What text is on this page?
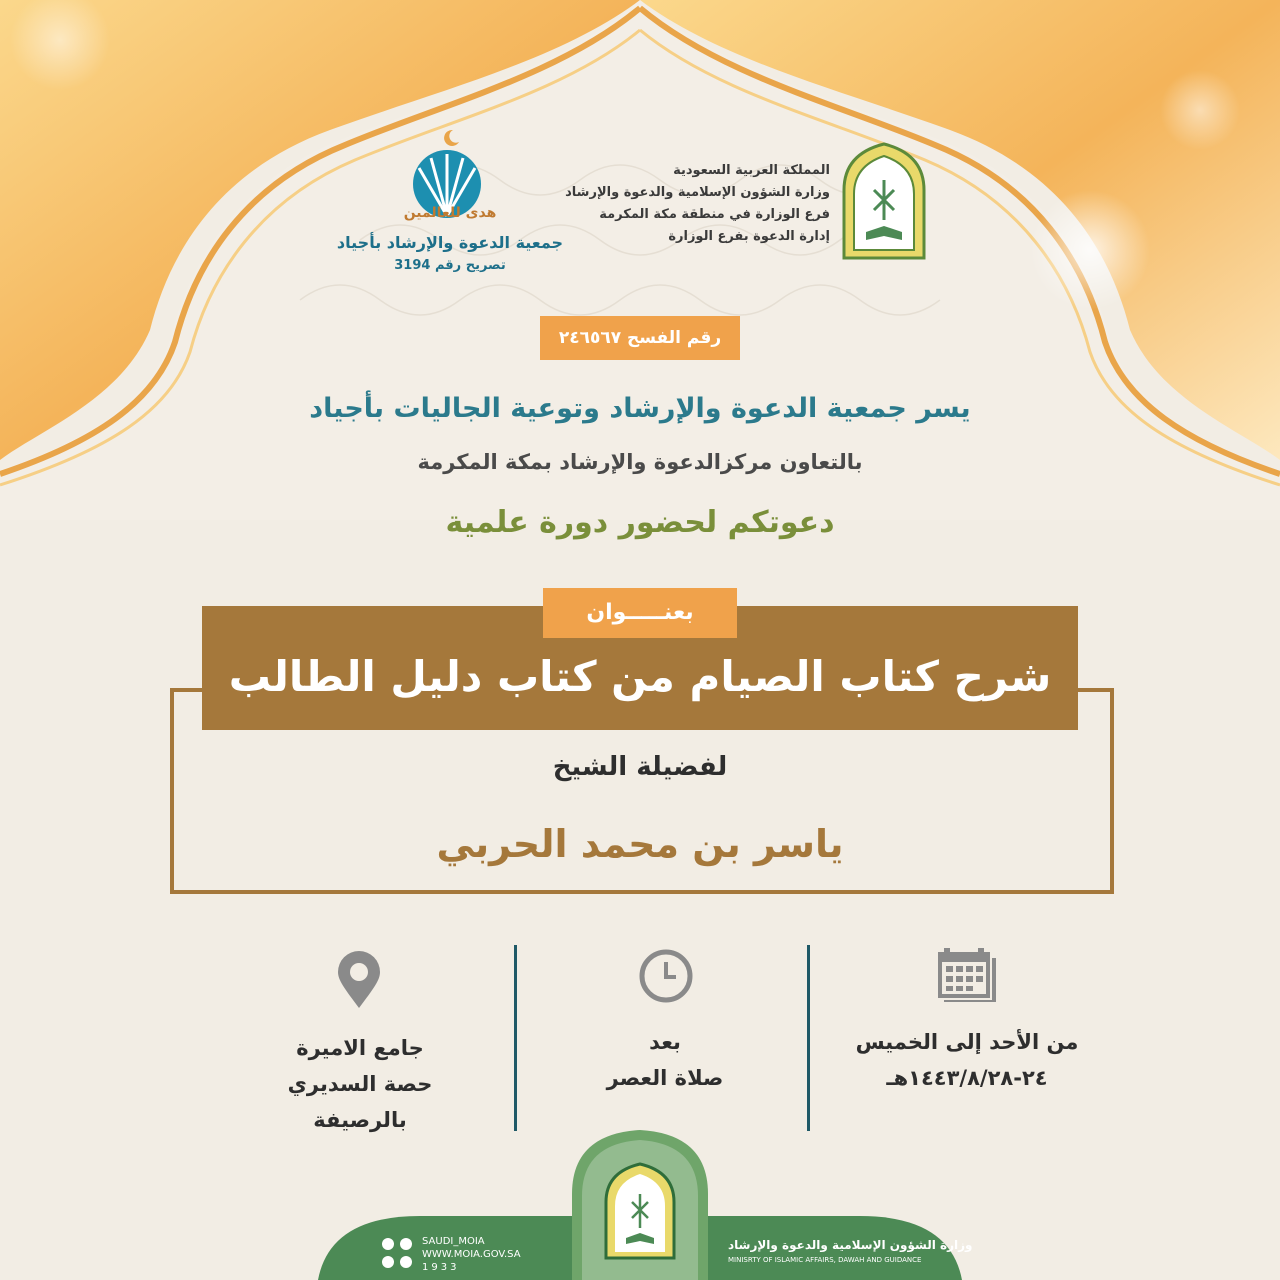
المملكة العربية السعودية
وزارة الشؤون الإسلامية والدعوة والإرشاد
فرع الوزارة في منطقة مكة المكرمة
إدارة الدعوة بفرع الوزارة
هدى للعالمين
جمعية الدعوة والإرشاد بأجياد
تصريح رقم 3194
رقم الفسح ٢٤٦٥٦٧
يسر جمعية الدعوة والإرشاد وتوعية الجاليات بأجياد
بالتعاون مركزالدعوة والإرشاد بمكة المكرمة
دعوتكم لحضور دورة علمية
بعنـــــوان
شرح كتاب الصيام من كتاب دليل الطالب
لفضيلة الشيخ
ياسر بن محمد الحربي
من الأحد إلى الخميس
٢٤-١٤٤٣/٨/٢٨هـ
بعد
صلاة العصر
جامع الاميرة
حصة السديري
بالرصيفة
SAUDI_MOIA
WWW.MOIA.GOV.SA
1933
وزارة الشؤون الإسلامية والدعوة والإرشاد
MINISRTY OF ISLAMIC AFFAIRS, DAWAH AND GUIDANCE
